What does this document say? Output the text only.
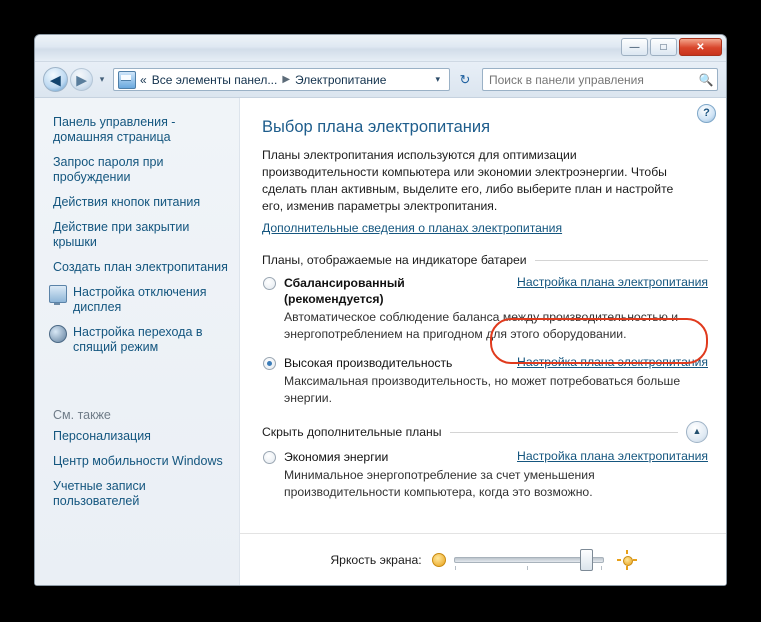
—	□	✕
◀	▶	▾	« Все элементы панел... ▶ Электропитание	▾	↻
Поиск в панели управления	🔍
Панель управления - домашняя страница
Запрос пароля при пробуждении
Действия кнопок питания
Действие при закрытии крышки
Создать план электропитания
Настройка отключения дисплея
Настройка перехода в спящий режим
См. также
Персонализация
Центр мобильности Windows
Учетные записи пользователей
?
Выбор плана электропитания

Планы электропитания используются для оптимизации производительности компьютера или экономии электроэнергии. Чтобы сделать план активным, выделите его, либо выберите план и настройте его, изменив параметры электропитания.

Дополнительные сведения о планах электропитания
Планы, отображаемые на индикаторе батареи
Сбалансированный (рекомендуется)
Настройка плана электропитания
Автоматическое соблюдение баланса между производительностью и энергопотреблением на пригодном для этого оборудовании.
Высокая производительность	Настройка плана электропитания
Максимальная производительность, но может потребоваться больше энергии.
Скрыть дополнительные планы	▲
Экономия энергии	Настройка плана электропитания
Минимальное энергопотребление за счет уменьшения производительности компьютера, когда это возможно.
Яркость экрана:
